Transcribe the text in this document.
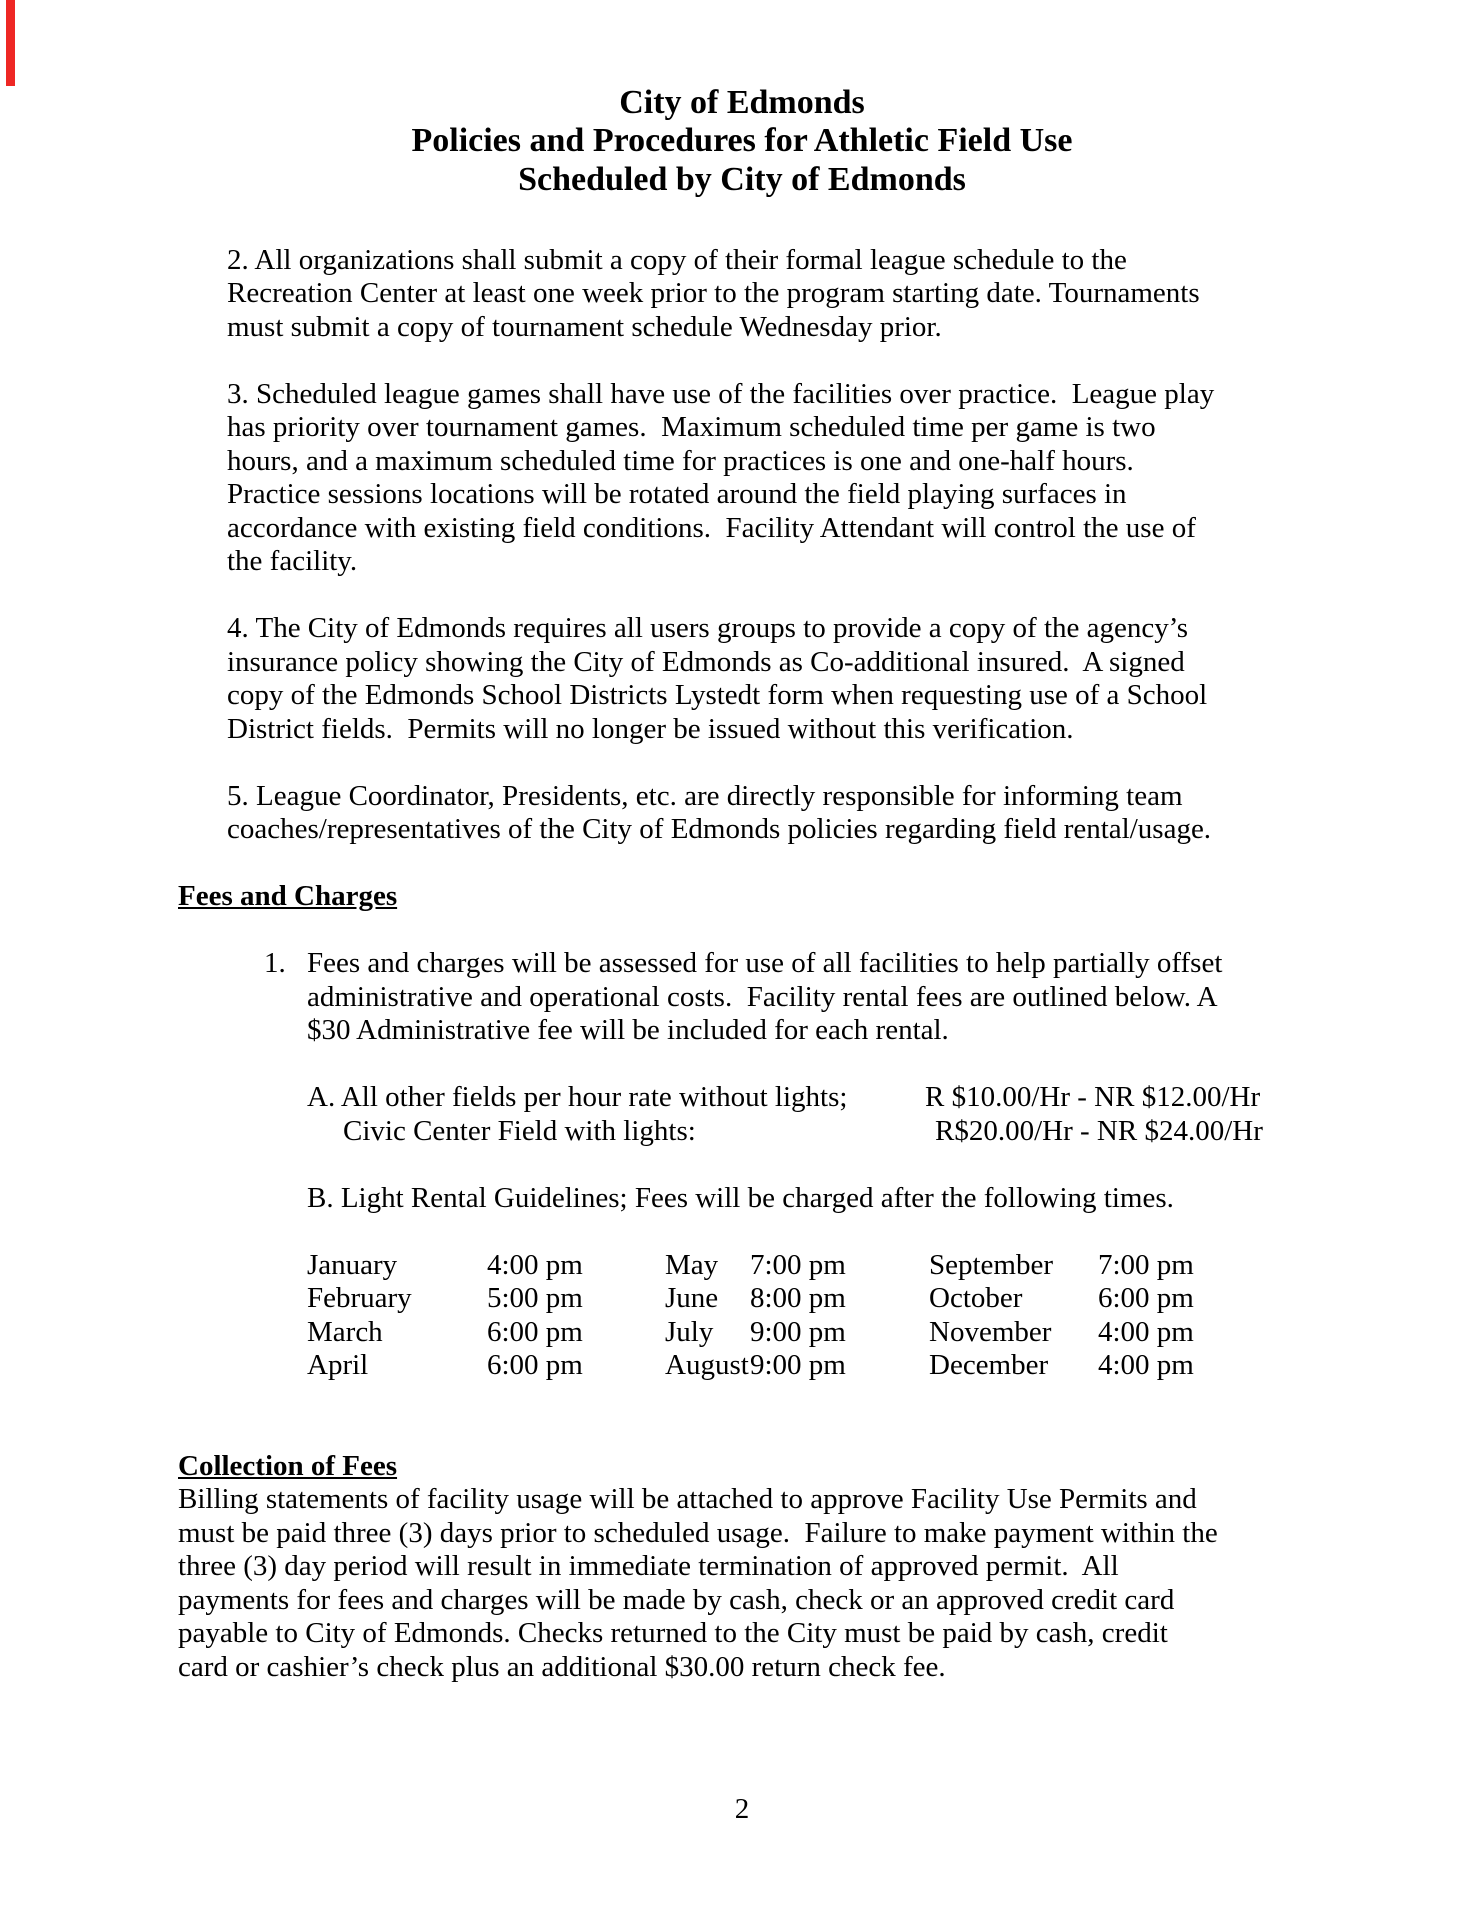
City of Edmonds
Policies and Procedures for Athletic Field Use
Scheduled by City of Edmonds
2. All organizations shall submit a copy of their formal league schedule to the
Recreation Center at least one week prior to the program starting date. Tournaments
must submit a copy of tournament schedule Wednesday prior.
3. Scheduled league games shall have use of the facilities over practice.  League play
has priority over tournament games.  Maximum scheduled time per game is two
hours, and a maximum scheduled time for practices is one and one-half hours.
Practice sessions locations will be rotated around the field playing surfaces in
accordance with existing field conditions.  Facility Attendant will control the use of
the facility.
4. The City of Edmonds requires all users groups to provide a copy of the agency’s
insurance policy showing the City of Edmonds as Co-additional insured.  A signed
copy of the Edmonds School Districts Lystedt form when requesting use of a School
District fields.  Permits will no longer be issued without this verification.
5. League Coordinator, Presidents, etc. are directly responsible for informing team
coaches/representatives of the City of Edmonds policies regarding field rental/usage.
Fees and Charges
1. Fees and charges will be assessed for use of all facilities to help partially offset
administrative and operational costs.  Facility rental fees are outlined below. A
$30 Administrative fee will be included for each rental.
A. All other fields per hour rate without lights;	R $10.00/Hr - NR $12.00/Hr
Civic Center Field with lights:	R$20.00/Hr - NR $24.00/Hr
B. Light Rental Guidelines; Fees will be charged after the following times.
January	4:00 pm	May	7:00 pm	September	7:00 pm
February	5:00 pm	June	8:00 pm	October	6:00 pm
March	6:00 pm	July	9:00 pm	November	4:00 pm
April	6:00 pm	August 9:00 pm	December	4:00 pm
Collection of Fees
Billing statements of facility usage will be attached to approve Facility Use Permits and
must be paid three (3) days prior to scheduled usage.  Failure to make payment within the
three (3) day period will result in immediate termination of approved permit.  All
payments for fees and charges will be made by cash, check or an approved credit card
payable to City of Edmonds. Checks returned to the City must be paid by cash, credit
card or cashier’s check plus an additional $30.00 return check fee.
2
